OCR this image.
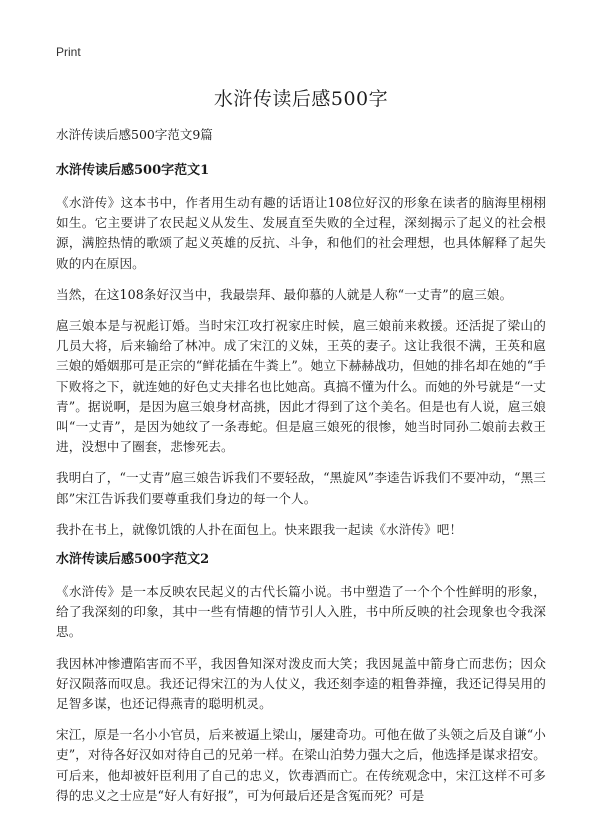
Print
水浒传读后感500字
水浒传读后感500字范文9篇
水浒传读后感500字范文1

《水浒传》这本书中，作者用生动有趣的话语让108位好汉的形象在读者的脑海里栩栩如生。它主要讲了农民起义从发生、发展直至失败的全过程，深刻揭示了起义的社会根源，满腔热情的歌颂了起义英雄的反抗、斗争，和他们的社会理想，也具体解释了起失败的内在原因。

当然，在这108条好汉当中，我最崇拜、最仰慕的人就是人称“一丈青”的扈三娘。

扈三娘本是与祝彪订婚。当时宋江攻打祝家庄时候，扈三娘前来救援。还活捉了梁山的几员大将，后来输给了林冲。成了宋江的义妹，王英的妻子。这让我很不满，王英和扈三娘的婚姻那可是正宗的“鲜花插在牛粪上”。她立下赫赫战功，但她的排名却在她的“手下败将之下，就连她的好色丈夫排名也比她高。真搞不懂为什么。而她的外号就是“一丈青”。据说啊，是因为扈三娘身材高挑，因此才得到了这个美名。但是也有人说，扈三娘叫“一丈青”，是因为她纹了一条毒蛇。但是扈三娘死的很惨，她当时同孙二娘前去救王进，没想中了圈套，悲惨死去。

我明白了，“一丈青”扈三娘告诉我们不要轻敌，“黑旋风”李逵告诉我们不要冲动，“黑三郎”宋江告诉我们要尊重我们身边的每一个人。

我扑在书上，就像饥饿的人扑在面包上。快来跟我一起读《水浒传》吧！

水浒传读后感500字范文2

《水浒传》是一本反映农民起义的古代长篇小说。书中塑造了一个个个性鲜明的形象，给了我深刻的印象，其中一些有情趣的情节引人入胜，书中所反映的社会现象也令我深思。

我因林冲惨遭陷害而不平，我因鲁知深对泼皮而大笑；我因晁盖中箭身亡而悲伤；因众好汉陨落而叹息。我还记得宋江的为人仗义，我还刻李逵的粗鲁莽撞，我还记得吴用的足智多谋，也还记得燕青的聪明机灵。

宋江，原是一名小小官员，后来被逼上梁山，屡建奇功。可他在做了头领之后及自谦“小吏”，对待各好汉如对待自己的兄弟一样。在梁山泊势力强大之后，他选择是谋求招安。可后来，他却被奸臣利用了自己的忠义，饮毒酒而亡。在传统观念中，宋江这样不可多得的忠义之士应是“好人有好报”，可为何最后还是含冤而死？可是
